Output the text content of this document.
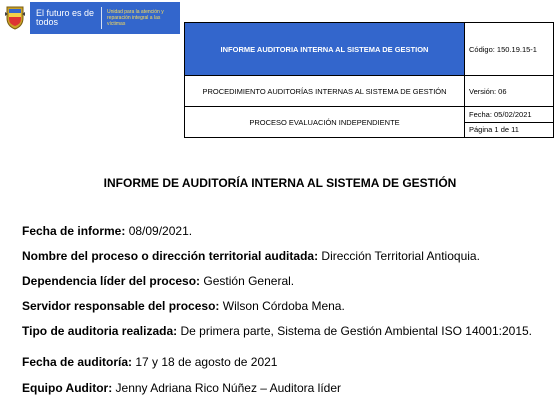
El futuro es de todos
Unidad para la atención y reparación integral a las víctimas
INFORME AUDITORIA INTERNA AL SISTEMA DE GESTION	Código: 150.19.15-1
PROCEDIMIENTO AUDITORÍAS INTERNAS AL SISTEMA DE GESTIÓN	Versión: 06
PROCESO EVALUACIÓN INDEPENDIENTE	Fecha: 05/02/2021
	Página 1 de 11
INFORME DE AUDITORÍA INTERNA AL SISTEMA DE GESTIÓN
Fecha de informe: 08/09/2021.
Nombre del proceso o dirección territorial auditada: Dirección Territorial Antioquia.
Dependencia líder del proceso: Gestión General.
Servidor responsable del proceso: Wilson Córdoba Mena.
Tipo de auditoria realizada: De primera parte, Sistema de Gestión Ambiental ISO 14001:2015.
Fecha de auditoría: 17 y 18 de agosto de 2021
Equipo Auditor: Jenny Adriana Rico Núñez – Auditora líder
